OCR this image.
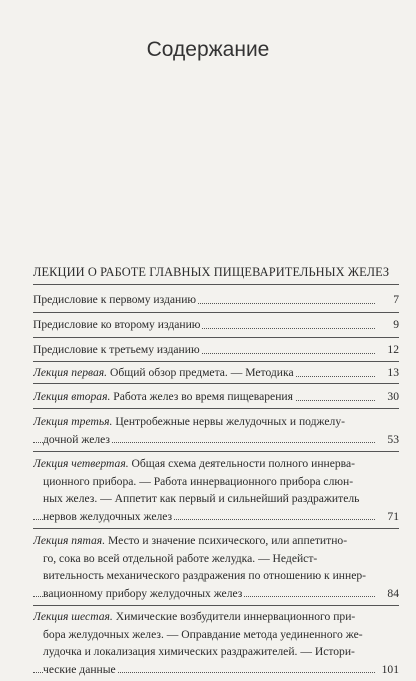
Содержание
ЛЕКЦИИ О РАБОТЕ ГЛАВНЫХ ПИЩЕВАРИТЕЛЬНЫХ ЖЕЛЕЗ
Предисловие к первому изданию	7
Предисловие ко второму изданию	9
Предисловие к третьему изданию	12
Лекция первая. Общий обзор предмета. — Методика	13
Лекция вторая. Работа желез во время пищеварения	30
Лекция третья. Центробежные нервы желудочных и поджелу-
дочной желез	53
Лекция четвертая. Общая схема деятельности полного иннерва-
ционного прибора. — Работа иннервационного прибора слюн-
ных желез. — Аппетит как первый и сильнейший раздражитель
нервов желудочных желез	71
Лекция пятая. Место и значение психического, или аппетитно-
го, сока во всей отдельной работе желудка. — Недейст-
вительность механического раздражения по отношению к иннер-
вационному прибору желудочных желез	84
Лекция шестая. Химические возбудители иннервационного при-
бора желудочных желез. — Оправдание метода уединенного же-
лудочка и локализация химических раздражителей. — Истори-
ческие данные	101
